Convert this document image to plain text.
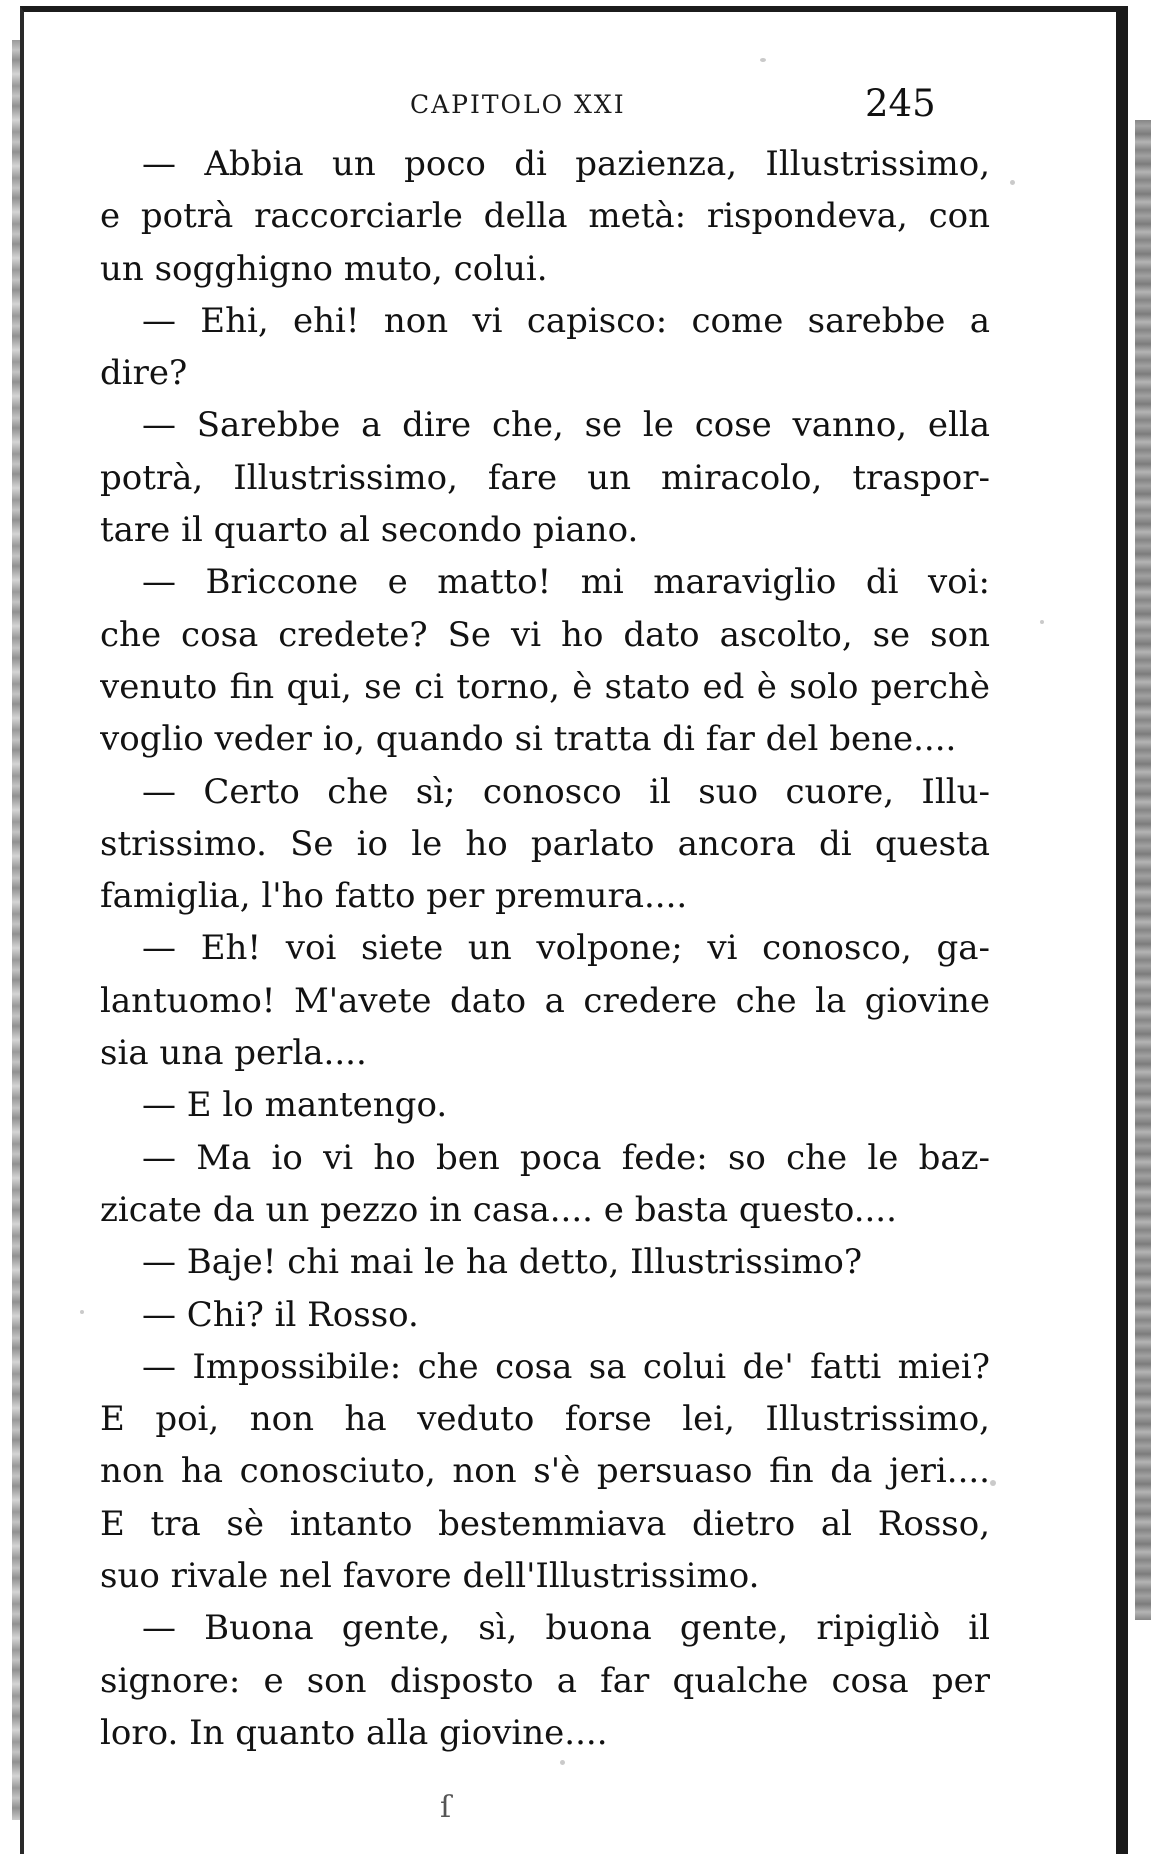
CAPITOLO XXI	245
— Abbia un poco di pazienza, Illustrissimo,
e potrà raccorciarle della metà: rispondeva, con
un sogghigno muto, colui.
— Ehi, ehi! non vi capisco: come sarebbe a
dire?
— Sarebbe a dire che, se le cose vanno, ella
potrà, Illustrissimo, fare un miracolo, traspor-
tare il quarto al secondo piano.
— Briccone e matto! mi maraviglio di voi:
che cosa credete? Se vi ho dato ascolto, se son
venuto fin qui, se ci torno, è stato ed è solo perchè
voglio veder io, quando si tratta di far del bene....
— Certo che sì; conosco il suo cuore, Illu-
strissimo. Se io le ho parlato ancora di questa
famiglia, l'ho fatto per premura....
— Eh! voi siete un volpone; vi conosco, ga-
lantuomo! M'avete dato a credere che la giovine
sia una perla....
— E lo mantengo.
— Ma io vi ho ben poca fede: so che le baz-
zicate da un pezzo in casa.... e basta questo....
— Baje! chi mai le ha detto, Illustrissimo?
— Chi? il Rosso.
— Impossibile: che cosa sa colui de' fatti miei?
E poi, non ha veduto forse lei, Illustrissimo,
non ha conosciuto, non s'è persuaso fin da jeri....
E tra sè intanto bestemmiava dietro al Rosso,
suo rivale nel favore dell'Illustrissimo.
— Buona gente, sì, buona gente, ripigliò il
signore: e son disposto a far qualche cosa per
loro. In quanto alla giovine....
ſ
